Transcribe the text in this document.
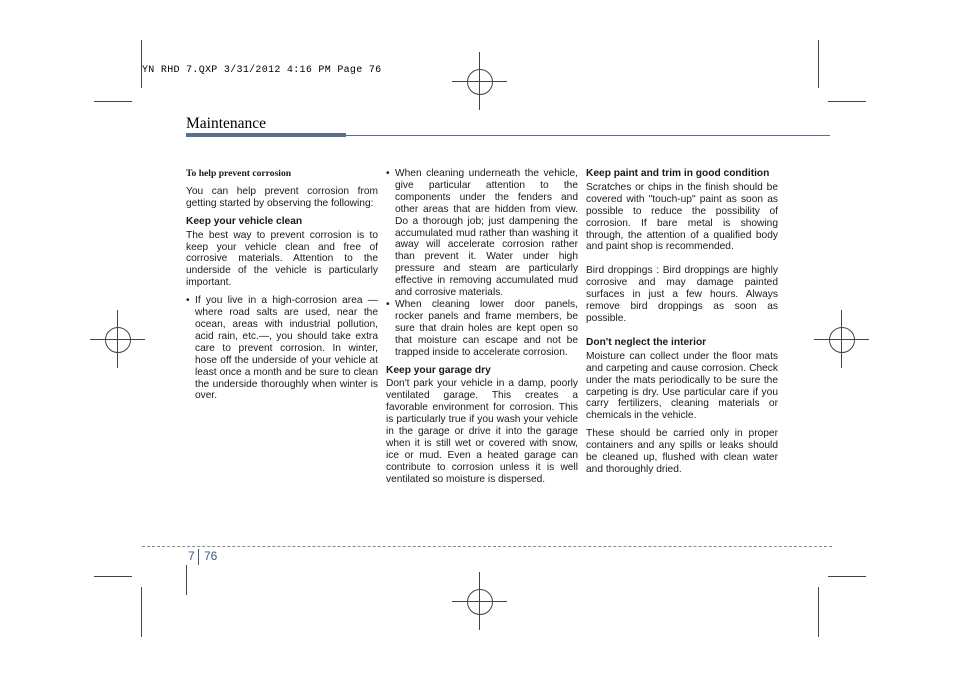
YN RHD 7.QXP 3/31/2012 4:16 PM Page 76
Maintenance
To help prevent corrosion

You can help prevent corrosion from getting started by observing the following:

Keep your vehicle clean

The best way to prevent corrosion is to keep your vehicle clean and free of corrosive materials. Attention to the underside of the vehicle is particularly important.

• If you live in a high-corrosion area — where road salts are used, near the ocean, areas with industrial pollution, acid rain, etc.—, you should take extra care to prevent corrosion. In winter, hose off the underside of your vehicle at least once a month and be sure to clean the underside thoroughly when winter is over.
• When cleaning underneath the vehicle, give particular attention to the components under the fenders and other areas that are hidden from view. Do a thorough job; just dampening the accumulated mud rather than washing it away will accelerate corrosion rather than prevent it. Water under high pressure and steam are particularly effective in removing accumulated mud and corrosive materials.
• When cleaning lower door panels, rocker panels and frame members, be sure that drain holes are kept open so that moisture can escape and not be trapped inside to accelerate corrosion.
Keep your garage dry

Don't park your vehicle in a damp, poorly ventilated garage. This creates a favorable environment for corrosion. This is particularly true if you wash your vehicle in the garage or drive it into the garage when it is still wet or covered with snow, ice or mud. Even a heated garage can contribute to corrosion unless it is well ventilated so moisture is dispersed.

Keep paint and trim in good condition

Scratches or chips in the finish should be covered with "touch-up" paint as soon as possible to reduce the possibility of corrosion. If bare metal is showing through, the attention of a qualified body and paint shop is recommended.

Bird droppings : Bird droppings are highly corrosive and may damage painted surfaces in just a few hours. Always remove bird droppings as soon as possible.

Don't neglect the interior

Moisture can collect under the floor mats and carpeting and cause corrosion. Check under the mats periodically to be sure the carpeting is dry. Use particular care if you carry fertilizers, cleaning materials or chemicals in the vehicle.

These should be carried only in proper containers and any spills or leaks should be cleaned up, flushed with clean water and thoroughly dried.

7 76
